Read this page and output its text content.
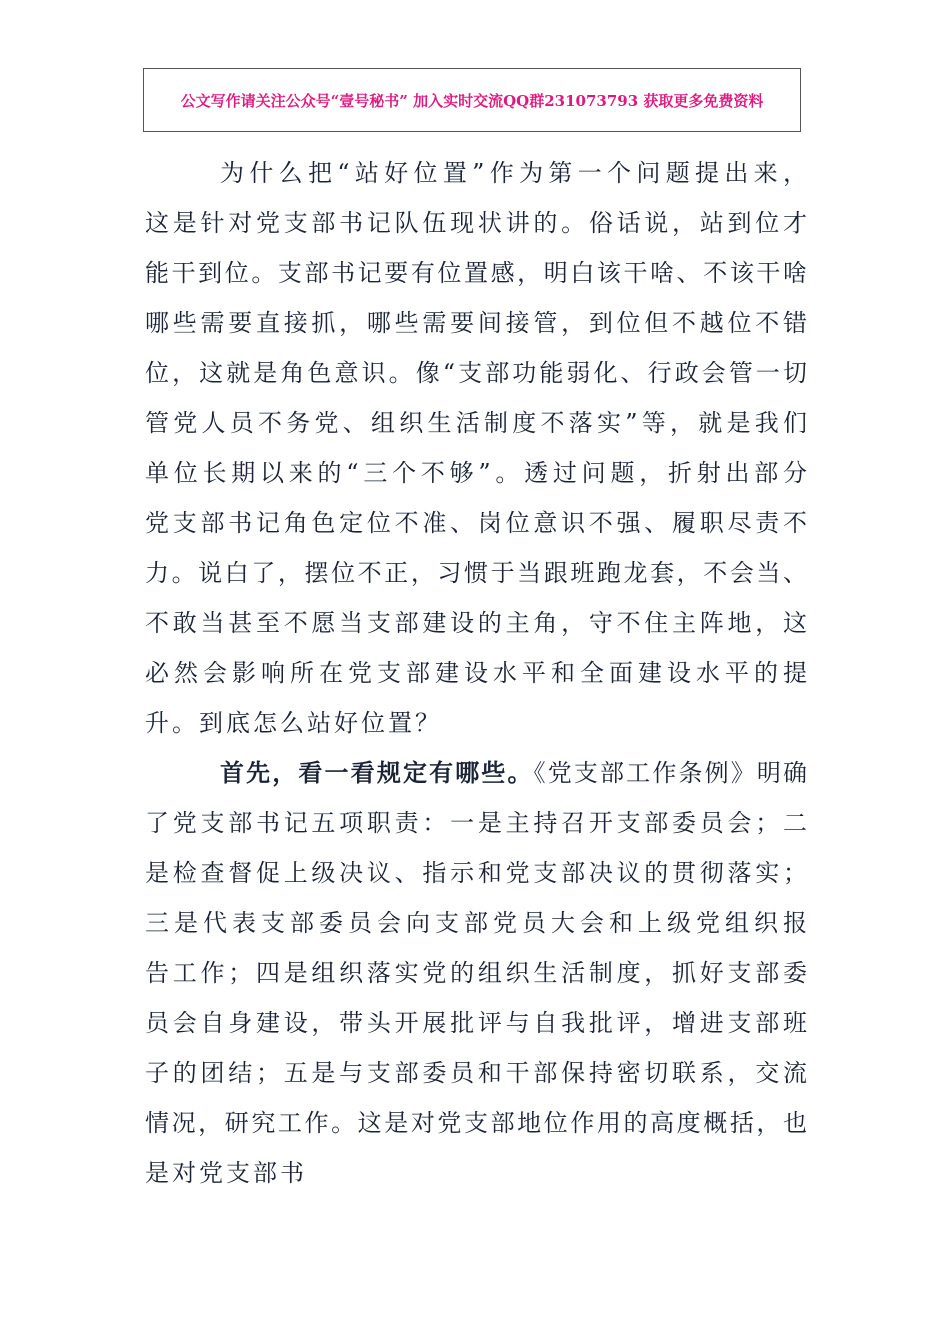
公文写作请关注公众号“壹号秘书” 加入实时交流QQ群231073793 获取更多免费资料
为什么把“站好位置”作为第一个问题提出来，
这是针对党支部书记队伍现状讲的。俗话说，站到位才
能干到位。支部书记要有位置感，明白该干啥、不该干啥
哪些需要直接抓，哪些需要间接管，到位但不越位不错
位，这就是角色意识。像“支部功能弱化、行政会管一切
管党人员不务党、组织生活制度不落实”等，就是我们
单位长期以来的“三个不够”。透过问题，折射出部分
党支部书记角色定位不准、岗位意识不强、履职尽责不
力。说白了，摆位不正，习惯于当跟班跑龙套，不会当、
不敢当甚至不愿当支部建设的主角，守不住主阵地，这
必然会影响所在党支部建设水平和全面建设水平的提
升。到底怎么站好位置？
首先，看一看规定有哪些。《党支部工作条例》明确
了党支部书记五项职责：一是主持召开支部委员会；二
是检查督促上级决议、指示和党支部决议的贯彻落实；
三是代表支部委员会向支部党员大会和上级党组织报
告工作；四是组织落实党的组织生活制度，抓好支部委
员会自身建设，带头开展批评与自我批评，增进支部班
子的团结；五是与支部委员和干部保持密切联系，交流
情况，研究工作。这是对党支部地位作用的高度概括，也
是对党支部书
